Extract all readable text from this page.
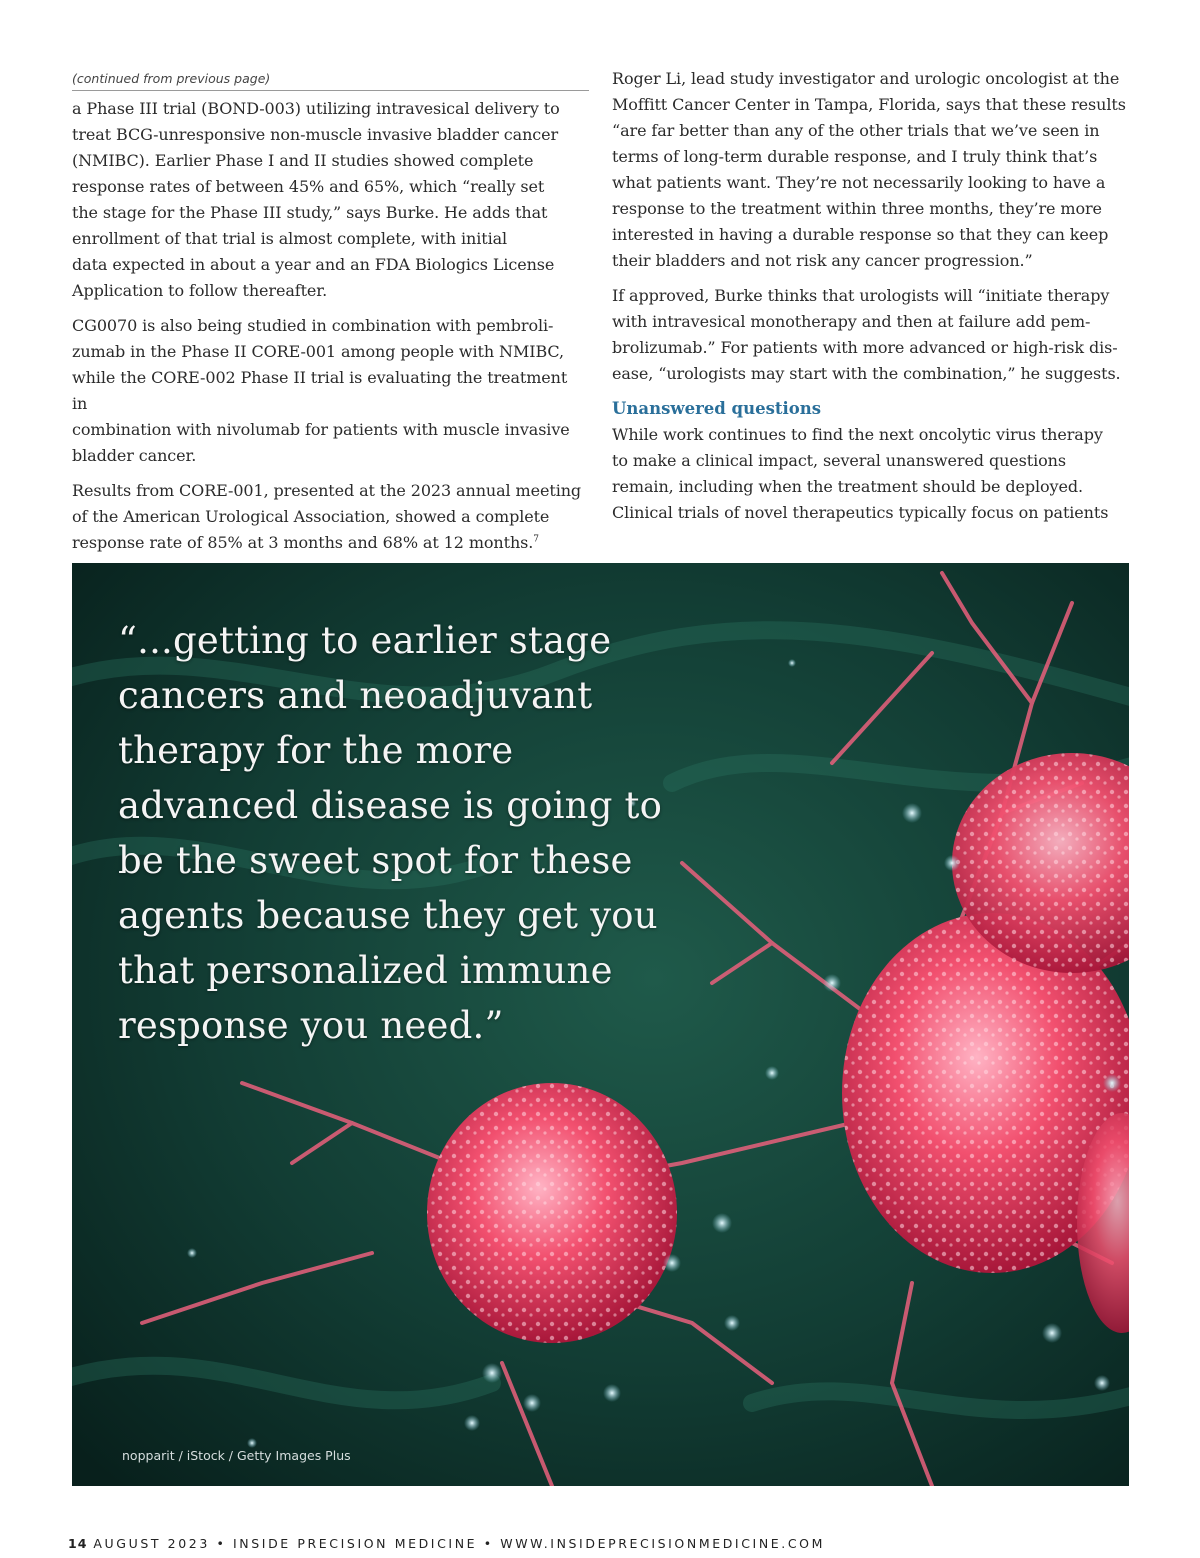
(continued from previous page)

a Phase III trial (BOND-003) utilizing intravesical delivery to
treat BCG-unresponsive non-muscle invasive bladder cancer
(NMIBC). Earlier Phase I and II studies showed complete
response rates of between 45% and 65%, which “really set
the stage for the Phase III study,” says Burke. He adds that
enrollment of that trial is almost complete, with initial
data expected in about a year and an FDA Biologics License
Application to follow thereafter.

CG0070 is also being studied in combination with pembroli-
zumab in the Phase II CORE-001 among people with NMIBC,
while the CORE-002 Phase II trial is evaluating the treatment in
combination with nivolumab for patients with muscle invasive
bladder cancer.

Results from CORE-001, presented at the 2023 annual meeting
of the American Urological Association, showed a complete
response rate of 85% at 3 months and 68% at 12 months.$^7$

Roger Li, lead study investigator and urologic oncologist at the
Moffitt Cancer Center in Tampa, Florida, says that these results
“are far better than any of the other trials that we’ve seen in
terms of long-term durable response, and I truly think that’s
what patients want. They’re not necessarily looking to have a
response to the treatment within three months, they’re more
interested in having a durable response so that they can keep
their bladders and not risk any cancer progression.”

If approved, Burke thinks that urologists will “initiate therapy
with intravesical monotherapy and then at failure add pem-
brolizumab.” For patients with more advanced or high-risk dis-
ease, “urologists may start with the combination,” he suggests.

Unanswered questions

While work continues to find the next oncolytic virus therapy
to make a clinical impact, several unanswered questions
remain, including when the treatment should be deployed.
Clinical trials of novel therapeutics typically focus on patients

“...getting to earlier stage
cancers and neoadjuvant
therapy for the more
advanced disease is going to
be the sweet spot for these
agents because they get you
that personalized immune
response you need.”

nopparit / iStock / Getty Images Plus
14 AUGUST 2023 • INSIDE PRECISION MEDICINE • WWW.INSIDEPRECISIONMEDICINE.COM
